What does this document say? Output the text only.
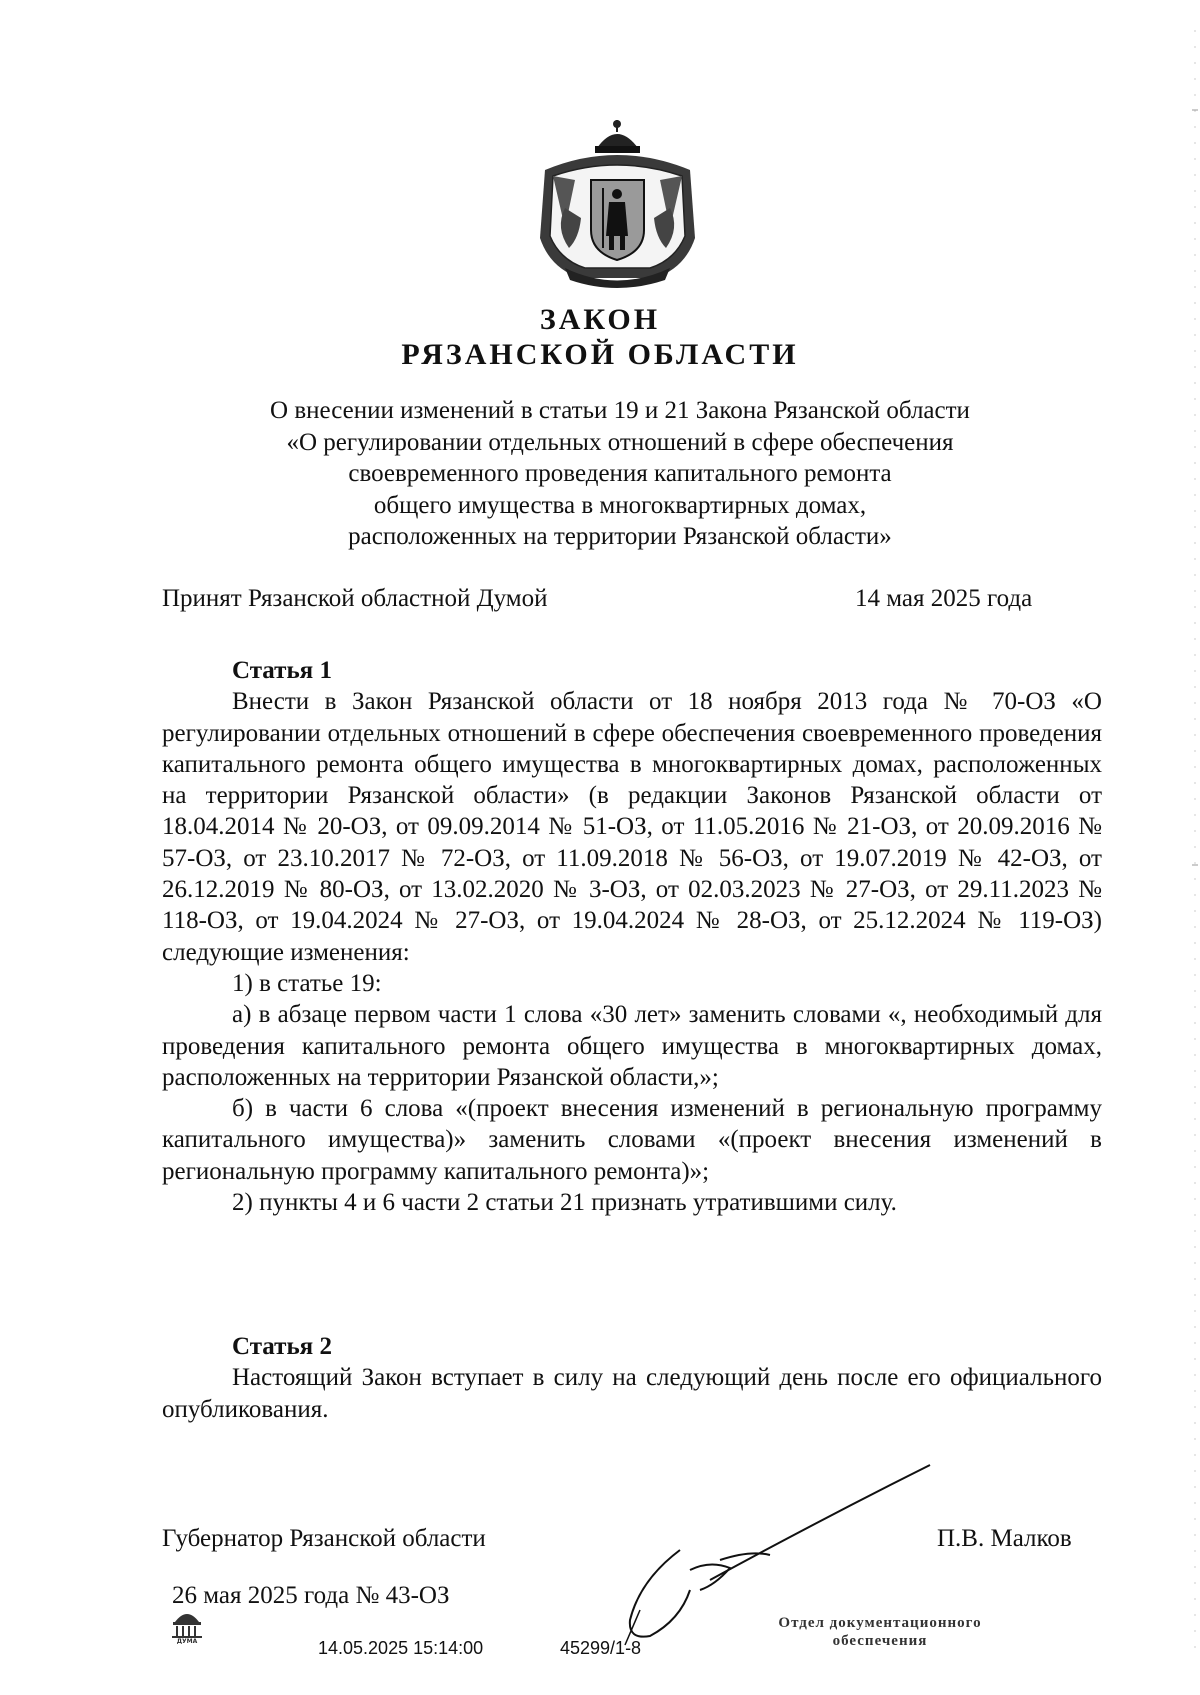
ЗАКОН
РЯЗАНСКОЙ ОБЛАСТИ
О внесении изменений в статьи 19 и 21 Закона Рязанской области
«О регулировании отдельных отношений в сфере обеспечения
своевременного проведения капитального ремонта
общего имущества в многоквартирных домах,
расположенных на территории Рязанской области»
Принят Рязанской областной Думой	14 мая 2025 года

Статья 1

Внести в Закон Рязанской области от 18 ноября 2013 года № 70-ОЗ «О регулировании отдельных отношений в сфере обеспечения своевременного проведения капитального ремонта общего имущества в многоквартирных домах, расположенных на территории Рязанской области» (в редакции Законов Рязанской области от 18.04.2014 № 20-ОЗ, от 09.09.2014 № 51-ОЗ, от 11.05.2016 № 21-ОЗ, от 20.09.2016 № 57-ОЗ, от 23.10.2017 № 72-ОЗ, от 11.09.2018 № 56-ОЗ, от 19.07.2019 № 42-ОЗ, от 26.12.2019 № 80-ОЗ, от 13.02.2020 № 3-ОЗ, от 02.03.2023 № 27-ОЗ, от 29.11.2023 № 118-ОЗ, от 19.04.2024 № 27-ОЗ, от 19.04.2024 № 28-ОЗ, от 25.12.2024 № 119-ОЗ) следующие изменения:

1) в статье 19:

а) в абзаце первом части 1 слова «30 лет» заменить словами «, необходимый для проведения капитального ремонта общего имущества в многоквартирных домах, расположенных на территории Рязанской области,»;

б) в части 6 слова «(проект внесения изменений в региональную программу капитального имущества)» заменить словами «(проект внесения изменений в региональную программу капитального ремонта)»;

2) пункты 4 и 6 части 2 статьи 21 признать утратившими силу.

Статья 2

Настоящий Закон вступает в силу на следующий день после его официального опубликования.

Губернатор Рязанской области	П.В. Малков
26 мая 2025 года № 43-ОЗ
ДУМА	14.05.2025 15:14:00	45299/1-8
Отдел документационного
обеспечения
